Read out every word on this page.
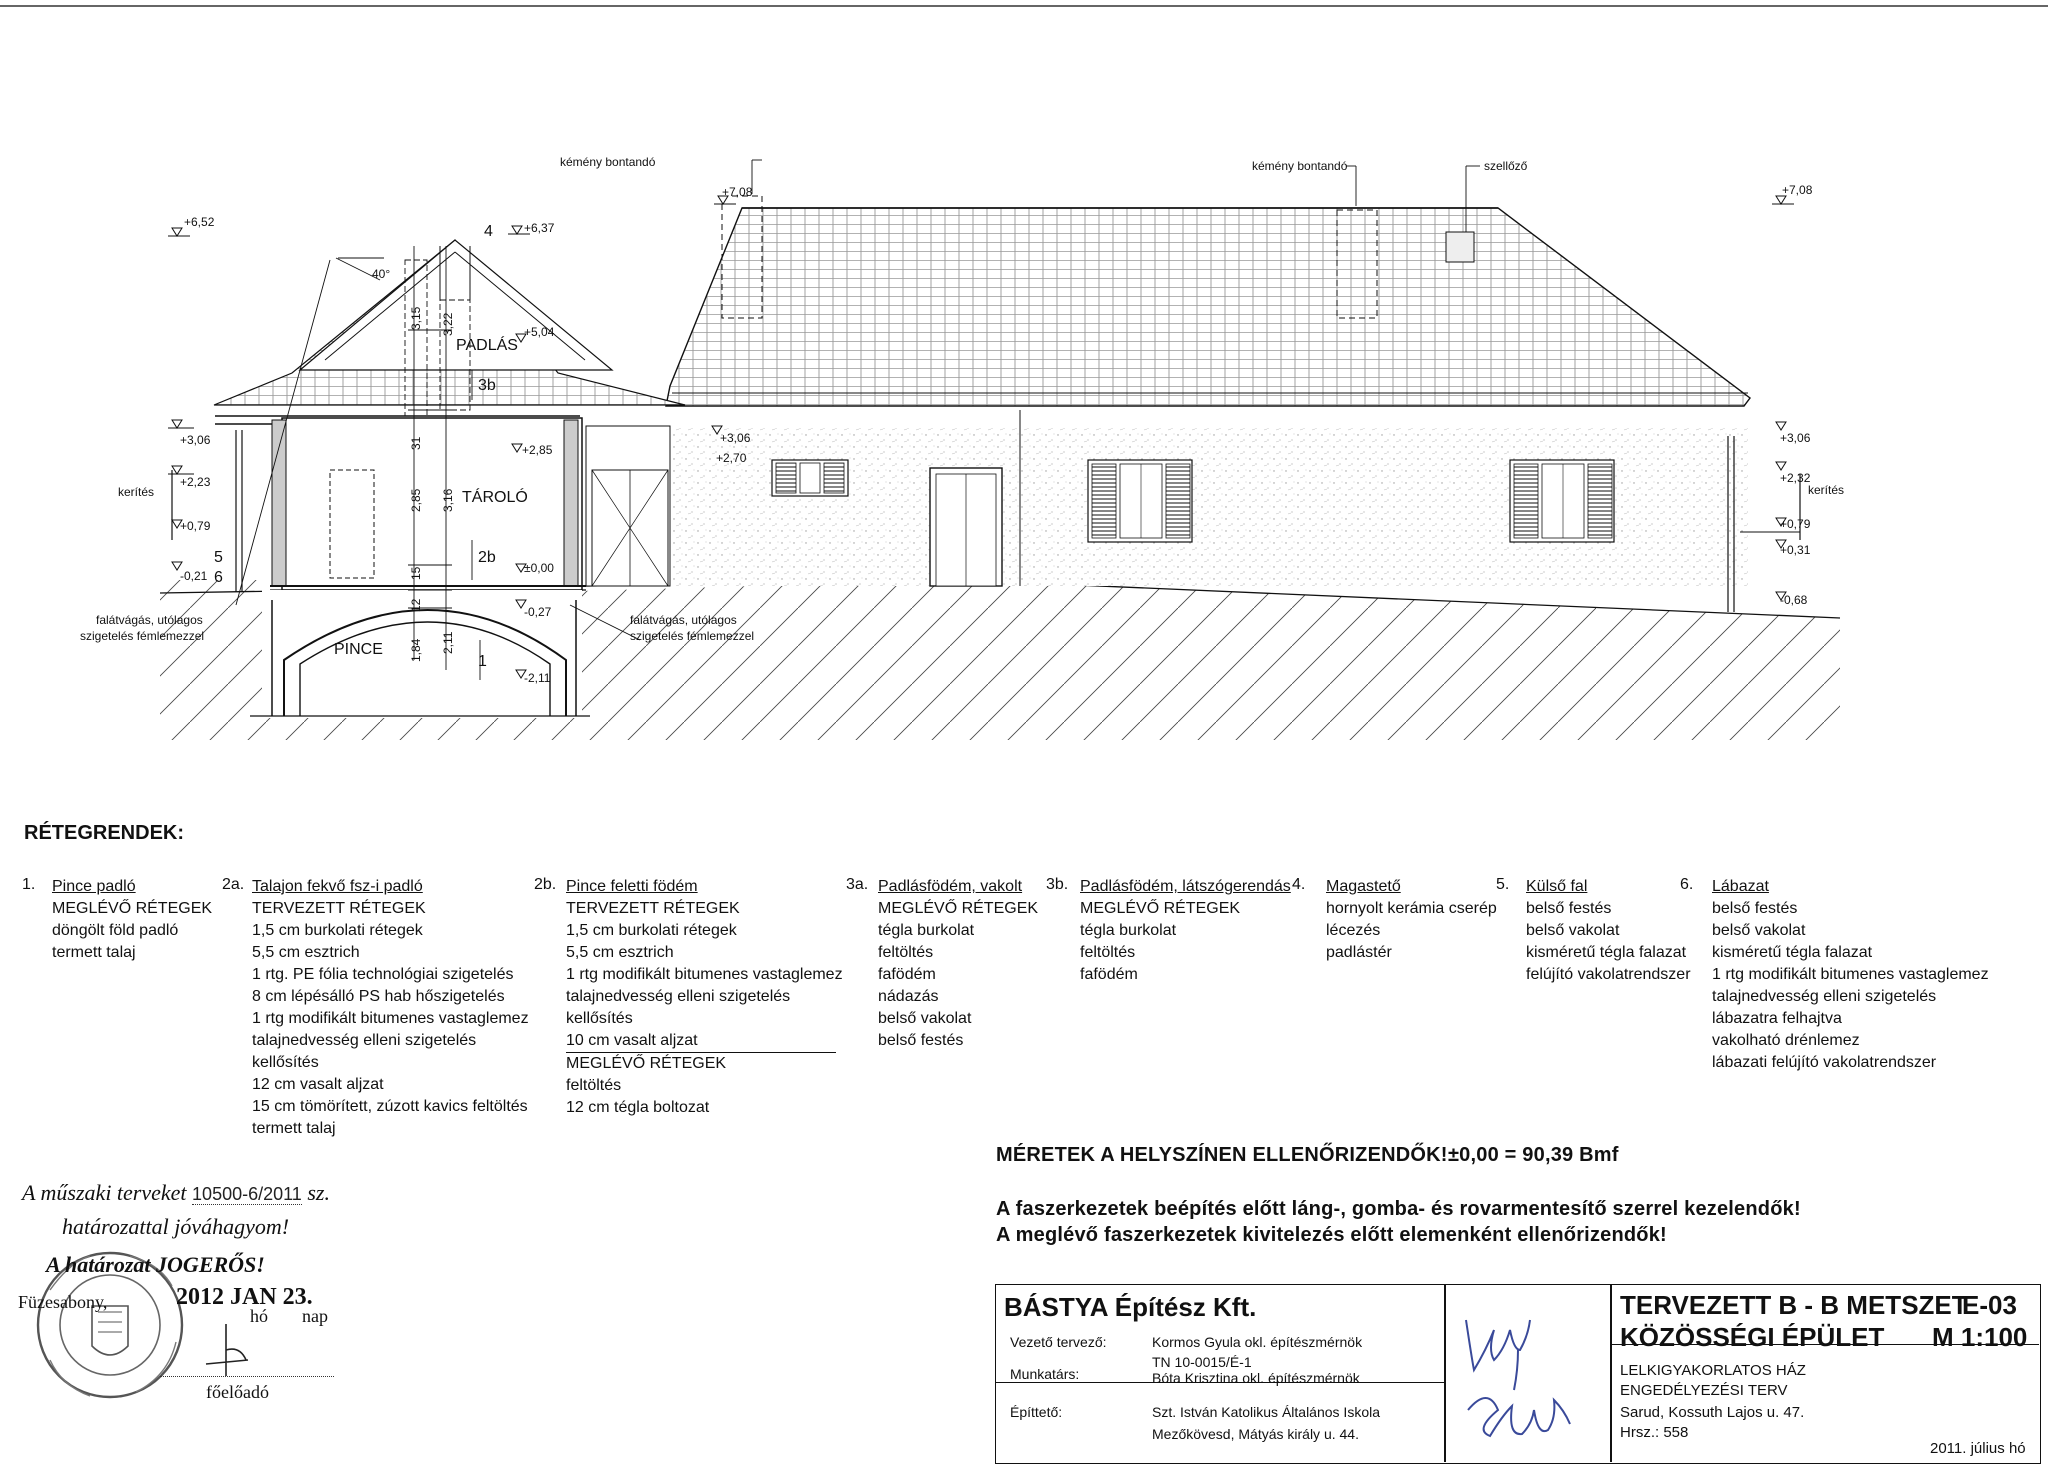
kémény bontandó	kémény bontandó	szellőző
+6,52	+6,37
+7,08	+7,08
+5,04
+3,06
+2,85
+3,06
+2,70
+3,06
+2,32
+2,23
+0,79	+0,79
+0,31
-0,21
±0,00
-0,27
-2,11
-0,68
40°
PADLÁS
TÁROLÓ
PINCE
3,15 3,22
31
2,85 3,16
15
12
1,84 2,11
4
3b
2b
1
5
6
kerítés	kerítés
falátvágás, utólagos
szigetelés fémlemezzel
falátvágás, utólagos
szigetelés fémlemezzel
RÉTEGRENDEK:
1. Pince padló
MEGLÉVŐ RÉTEGEK
döngölt föld padló
termett talaj
2a. Talajon fekvő fsz-i padló
TERVEZETT RÉTEGEK
1,5 cm burkolati rétegek
5,5 cm esztrich
1 rtg. PE fólia technológiai szigetelés
8 cm lépésálló PS hab hőszigetelés
1 rtg modifikált bitumenes vastaglemez
talajnedvesség elleni szigetelés
kellősítés
12 cm vasalt aljzat
15 cm tömörített, zúzott kavics feltöltés
termett talaj
2b. Pince feletti födém
TERVEZETT RÉTEGEK
1,5 cm burkolati rétegek
5,5 cm esztrich
1 rtg modifikált bitumenes vastaglemez
talajnedvesség elleni szigetelés
kellősítés
10 cm vasalt aljzat
MEGLÉVŐ RÉTEGEK
feltöltés
12 cm tégla boltozat
3a. Padlásfödém, vakolt
MEGLÉVŐ RÉTEGEK
tégla burkolat
feltöltés
fafödém
nádazás
belső vakolat
belső festés
3b. Padlásfödém, látszógerendás
MEGLÉVŐ RÉTEGEK
tégla burkolat
feltöltés
fafödém
4. Magastető
hornyolt kerámia cserép
lécezés
padlástér
5. Külső fal
belső festés
belső vakolat
kisméretű tégla falazat
felújító vakolatrendszer
6. Lábazat
belső festés
belső vakolat
kisméretű tégla falazat
1 rtg modifikált bitumenes vastaglemez
talajnedvesség elleni szigetelés
lábazatra felhajtva
vakolható drénlemez
lábazati felújító vakolatrendszer
MÉRETEK A HELYSZÍNEN ELLENŐRIZENDŐK! ±0,00 = 90,39 Bmf
A faszerkezetek beépítés előtt láng-, gomba- és rovarmentesítő szerrel kezelendők!
A meglévő faszerkezetek kivitelezés előtt elemenként ellenőrizendők!
A műszaki terveket 10500-6/2011 sz.
határozattal jóváhagyom!
A határozat JOGERŐS!
Füzesabony,	2012 JAN 23.
hó nap
főelőadó
BÁSTYA Építész Kft.
Vezető tervező:	Kormos Gyula okl. építészmérnök
TN 10-0015/É-1
Munkatárs:	Bóta Krisztina okl. építészmérnök
Építtető:	Szt. István Katolikus Általános Iskola
Mezőkövesd, Mátyás király u. 44.
TERVEZETT B - B METSZET
E-03
KÖZÖSSÉGI ÉPÜLET M 1:100
LELKIGYAKORLATOS HÁZ
ENGEDÉLYEZÉSI TERV
Sarud, Kossuth Lajos u. 47.
Hrsz.: 558
2011. július hó
